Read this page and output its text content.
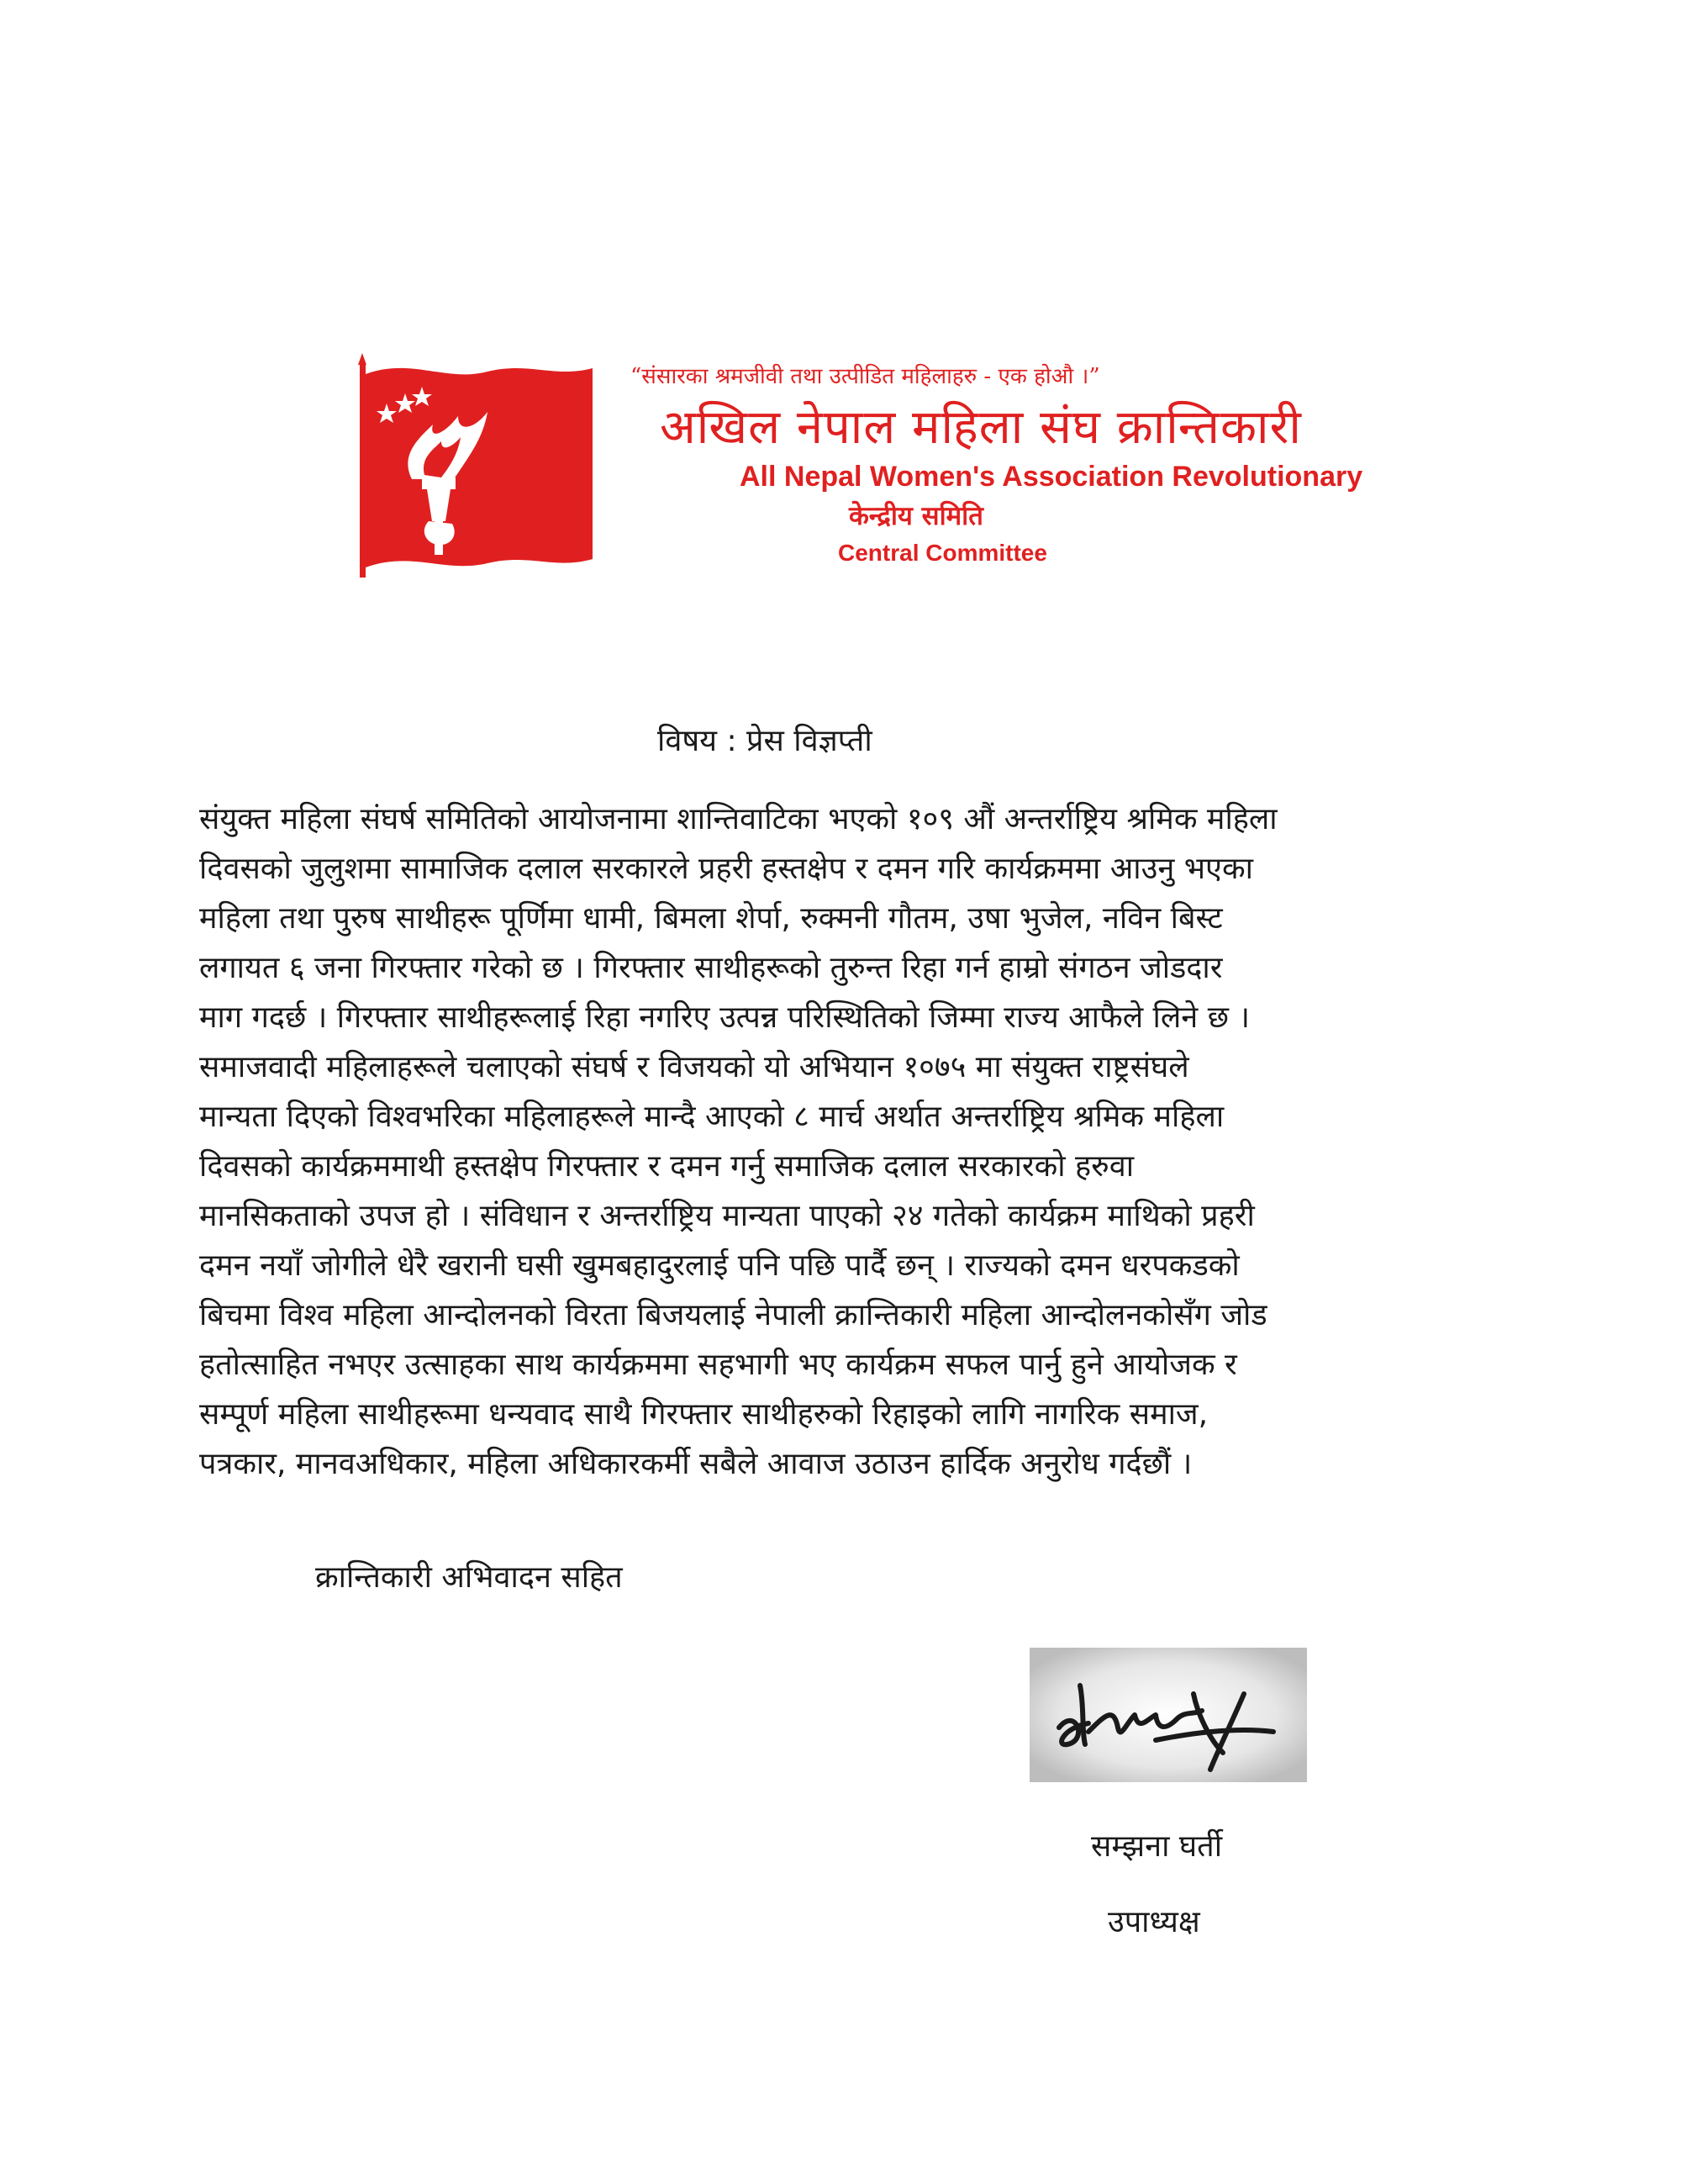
“संसारका श्रमजीवी तथा उत्पीडित महिलाहरु - एक होऔ ।”
अखिल नेपाल महिला संघ क्रान्तिकारी
All Nepal Women's Association Revolutionary
केन्द्रीय समिति
Central Committee
विषय : प्रेस विज्ञप्ती
संयुक्त महिला संघर्ष समितिको आयोजनामा शान्तिवाटिका भएको १०९ औं अन्तर्राष्ट्रिय श्रमिक महिला
दिवसको जुलुशमा सामाजिक दलाल सरकारले प्रहरी हस्तक्षेप र दमन गरि कार्यक्रममा आउनु भएका
महिला तथा पुरुष साथीहरू पूर्णिमा धामी, बिमला शेर्पा, रुक्मनी गौतम, उषा भुजेल, नविन बिस्ट
लगायत ६ जना गिरफ्तार गरेको छ । गिरफ्तार साथीहरूको तुरुन्त रिहा गर्न हाम्रो संगठन जोडदार
माग गदर्छ । गिरफ्तार साथीहरूलाई रिहा नगरिए उत्पन्न परिस्थितिको जिम्मा राज्य आफैले लिने छ ।
समाजवादी महिलाहरूले चलाएको संघर्ष र विजयको यो अभियान १०७५ मा संयुक्त राष्ट्रसंघले
मान्यता दिएको विश्वभरिका महिलाहरूले मान्दै आएको ८ मार्च अर्थात अन्तर्राष्ट्रिय श्रमिक महिला
दिवसको कार्यक्रममाथी हस्तक्षेप गिरफ्तार र दमन गर्नु समाजिक दलाल सरकारको हरुवा
मानसिकताको उपज हो । संविधान र अन्तर्राष्ट्रिय मान्यता पाएको २४ गतेको कार्यक्रम माथिको प्रहरी
दमन नयाँ जोगीले धेरै खरानी घसी खुमबहादुरलाई पनि पछि पार्दै छन् । राज्यको दमन धरपकडको
बिचमा विश्व महिला आन्दोलनको विरता बिजयलाई नेपाली क्रान्तिकारी महिला आन्दोलनकोसँग जोड
हतोत्साहित नभएर उत्साहका साथ कार्यक्रममा सहभागी भए कार्यक्रम सफल पार्नु हुने आयोजक र
सम्पूर्ण महिला साथीहरूमा धन्यवाद साथै गिरफ्तार साथीहरुको रिहाइको लागि नागरिक समाज,
पत्रकार, मानवअधिकार, महिला अधिकारकर्मी सबैले आवाज उठाउन हार्दिक अनुरोध गर्दछौं ।
क्रान्तिकारी अभिवादन सहित
सम्झना घर्ती
उपाध्यक्ष
